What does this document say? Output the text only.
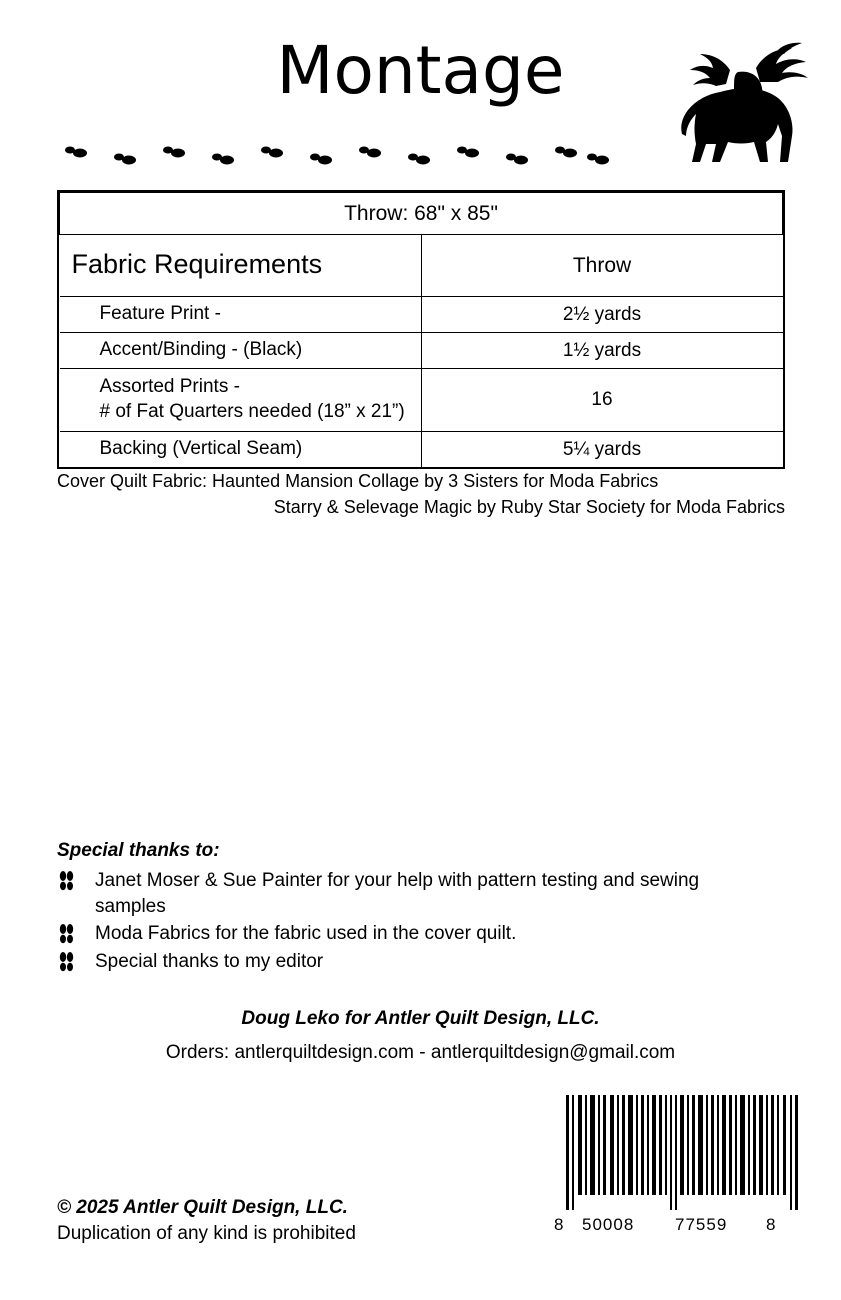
Montage
Throw: 68" x 85"	
Fabric Requirements	Throw
Feature Print -	2½ yards
Accent/Binding - (Black)	1½ yards

Assorted Prints -
# of Fat Quarters needed (18” x 21”)	16
Backing (Vertical Seam)	5¼ yards
Cover Quilt Fabric: Haunted Mansion Collage by 3 Sisters for Moda Fabrics
Starry & Selevage Magic by Ruby Star Society for Moda Fabrics
Special thanks to:
Janet Moser & Sue Painter for your help with pattern testing and sewing samples
Moda Fabrics for the fabric used in the cover quilt.
Special thanks to my editor
Doug Leko for Antler Quilt Design, LLC.
Orders: antlerquiltdesign.com - antlerquiltdesign@gmail.com
© 2025 Antler Quilt Design, LLC.
Duplication of any kind is prohibited	8 50008 77559 8
